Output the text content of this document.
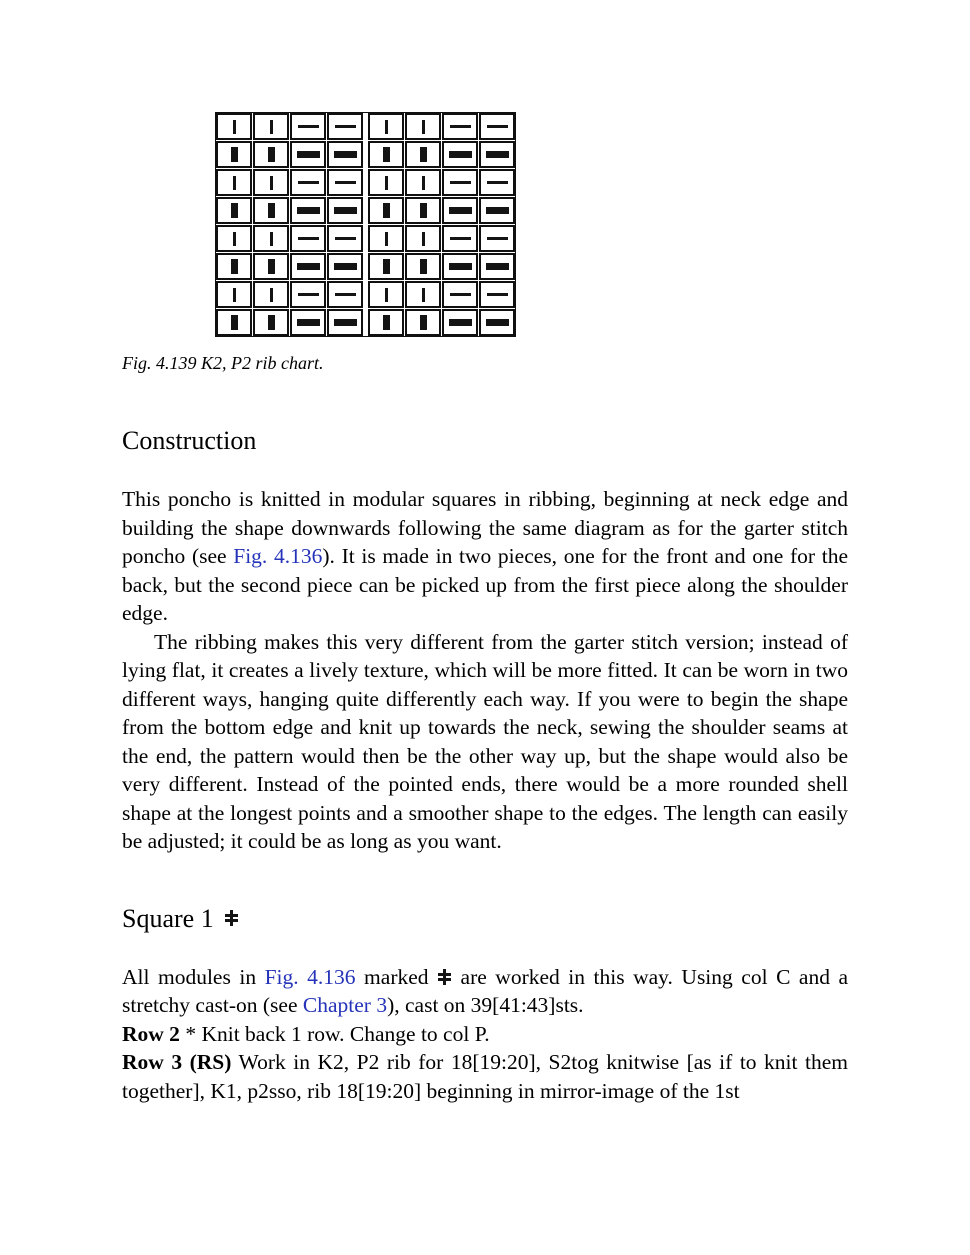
Fig. 4.139 K2, P2 rib chart.
Construction

This poncho is knitted in modular squares in ribbing, beginning at neck edge and building the shape downwards following the same diagram as for the garter stitch poncho (see Fig. 4.136). It is made in two pieces, one for the front and one for the back, but the second piece can be picked up from the first piece along the shoulder edge.

The ribbing makes this very different from the garter stitch version; instead of lying flat, it creates a lively texture, which will be more fitted. It can be worn in two different ways, hanging quite differently each way. If you were to begin the shape from the bottom edge and knit up towards the neck, sewing the shoulder seams at the end, the pattern would then be the other way up, but the shape would also be very different. Instead of the pointed ends, there would be a more rounded shell shape at the longest points and a smoother shape to the edges. The length can easily be adjusted; it could be as long as you want.

Square 1

All modules in Fig. 4.136 marked
are worked in this way. Using col C and a stretchy cast-on (see Chapter 3), cast on 39[41:43]sts.

Row 2 * Knit back 1 row. Change to col P.

Row 3 (RS) Work in K2, P2 rib for 18[19:20], S2tog knitwise [as if to knit them together], K1, p2sso, rib 18[19:20] beginning in mirror-image of the 1st
